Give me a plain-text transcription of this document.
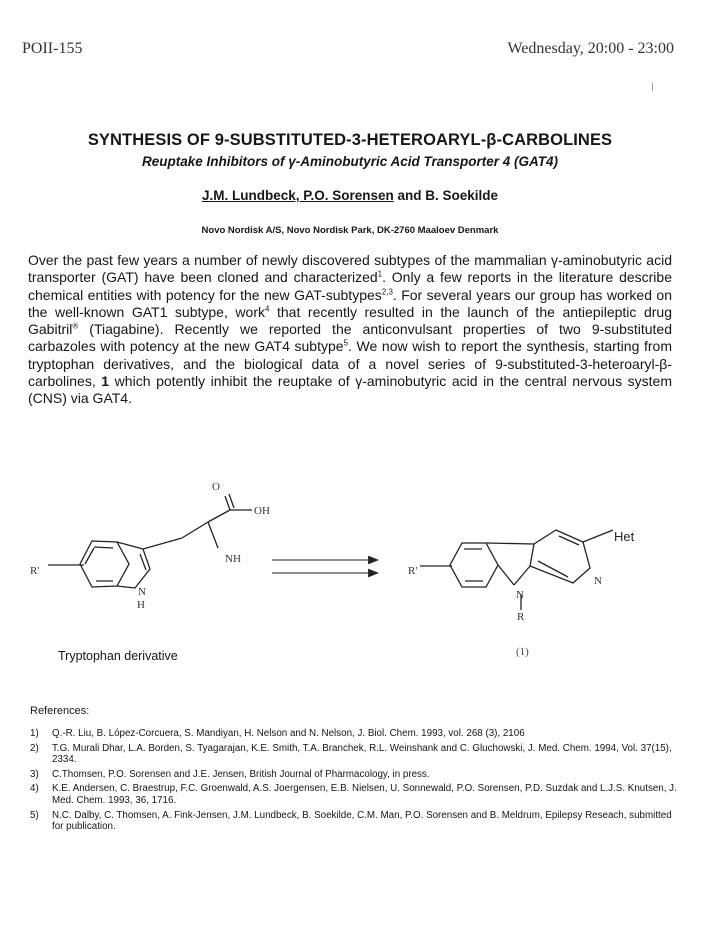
POII-155	Wednesday, 20:00 - 23:00
SYNTHESIS OF 9-SUBSTITUTED-3-HETEROARYL-β-CARBOLINES
Reuptake Inhibitors of γ-Aminobutyric Acid Transporter 4 (GAT4)
J.M. Lundbeck, P.O. Sorensen and B. Soekilde
Novo Nordisk A/S, Novo Nordisk Park, DK-2760 Maaloev Denmark

Over the past few years a number of newly discovered subtypes of the mammalian γ-aminobutyric acid transporter (GAT) have been cloned and characterized$^1$. Only a few reports in the literature describe chemical entities with potency for the new GAT-subtypes$^{2,3}$. For several years our group has worked on the well-known GAT1 subtype, work$^4$ that recently resulted in the launch of the antiepileptic drug Gabitril® (Tiagabine). Recently we reported the anticonvulsant properties of two 9-substituted carbazoles with potency at the new GAT4 subtype$^5$. We now wish to report the synthesis, starting from tryptophan derivatives, and the biological data of a novel series of 9-substituted-3-heteroaryl-β-carbolines, 1 which potently inhibit the reuptake of γ-aminobutyric acid in the central nervous system (CNS) via GAT4.

R'
O
OH
NH
N
H
R'
N
N
R
Het
Tryptophan derivative	(1)
References:
1) Q.-R. Liu, B. López-Corcuera, S. Mandiyan, H. Nelson and N. Nelson, J. Biol. Chem. 1993, vol. 268 (3), 2106
2) T.G. Murali Dhar, L.A. Borden, S. Tyagarajan, K.E. Smith, T.A. Branchek, R.L. Weinshank and C. Gluchowski, J. Med. Chem. 1994, Vol. 37(15), 2334.
3) C.Thomsen, P.O. Sorensen and J.E. Jensen, British Journal of Pharmacology, in press.
4) K.E. Andersen, C. Braestrup, F.C. Groenwald, A.S. Joergensen, E.B. Nielsen, U. Sonnewald, P.O. Sorensen, P.D. Suzdak and L.J.S. Knutsen, J. Med. Chem. 1993, 36, 1716.
5) N.C. Dalby, C. Thomsen, A. Fink-Jensen, J.M. Lundbeck, B. Soekilde, C.M. Man, P.O. Sorensen and B. Meldrum, Epilepsy Reseach, submitted for publication.
